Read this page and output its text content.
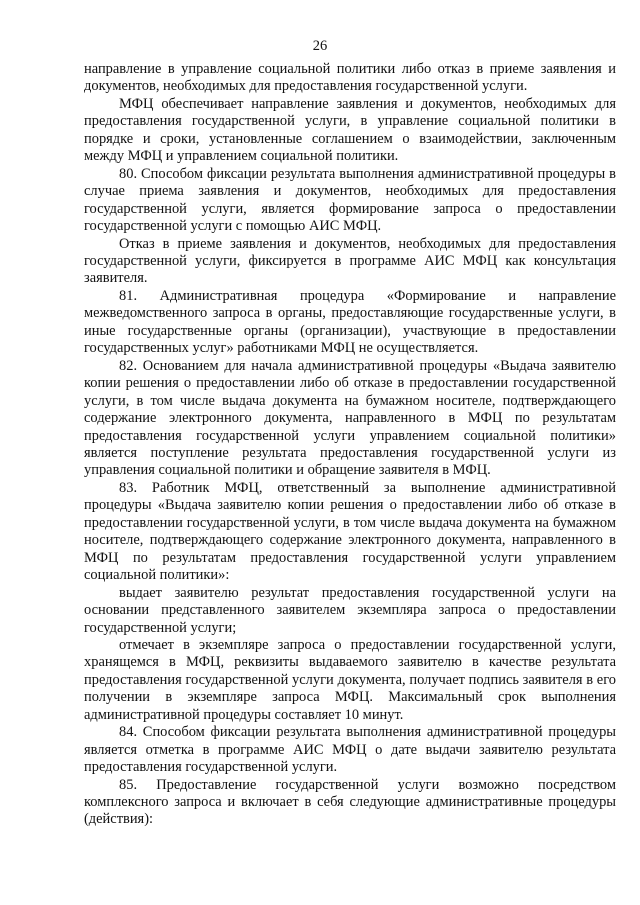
26

направление в управление социальной политики либо отказ в приеме заявления и документов, необходимых для предоставления государственной услуги.

МФЦ обеспечивает направление заявления и документов, необходимых для предоставления государственной услуги, в управление социальной политики в порядке и сроки, установленные соглашением о взаимодействии, заключенным между МФЦ и управлением социальной политики.

80. Способом фиксации результата выполнения административной процедуры в случае приема заявления и документов, необходимых для предоставления государственной услуги, является формирование запроса о предоставлении государственной услуги с помощью АИС МФЦ.

Отказ в приеме заявления и документов, необходимых для предоставления государственной услуги, фиксируется в программе АИС МФЦ как консультация заявителя.

81. Административная процедура «Формирование и направление межведомственного запроса в органы, предоставляющие государственные услуги, в иные государственные органы (организации), участвующие в предоставлении государственных услуг» работниками МФЦ не осуществляется.

82. Основанием для начала административной процедуры «Выдача заявителю копии решения о предоставлении либо об отказе в предоставлении государственной услуги, в том числе выдача документа на бумажном носителе, подтверждающего содержание электронного документа, направленного в МФЦ по результатам предоставления государственной услуги управлением социальной политики» является поступление результата предоставления государственной услуги из управления социальной политики и обращение заявителя в МФЦ.

83. Работник МФЦ, ответственный за выполнение административной процедуры «Выдача заявителю копии решения о предоставлении либо об отказе в предоставлении государственной услуги, в том числе выдача документа на бумажном носителе, подтверждающего содержание электронного документа, направленного в МФЦ по результатам предоставления государственной услуги управлением социальной политики»:

выдает заявителю результат предоставления государственной услуги на основании представленного заявителем экземпляра запроса о предоставлении государственной услуги;

отмечает в экземпляре запроса о предоставлении государственной услуги, хранящемся в МФЦ, реквизиты выдаваемого заявителю в качестве результата предоставления государственной услуги документа, получает подпись заявителя в его получении в экземпляре запроса МФЦ. Максимальный срок выполнения административной процедуры составляет 10 минут.

84. Способом фиксации результата выполнения административной процедуры является отметка в программе АИС МФЦ о дате выдачи заявителю результата предоставления государственной услуги.

85. Предоставление государственной услуги возможно посредством комплексного запроса и включает в себя следующие административные процедуры (действия):
